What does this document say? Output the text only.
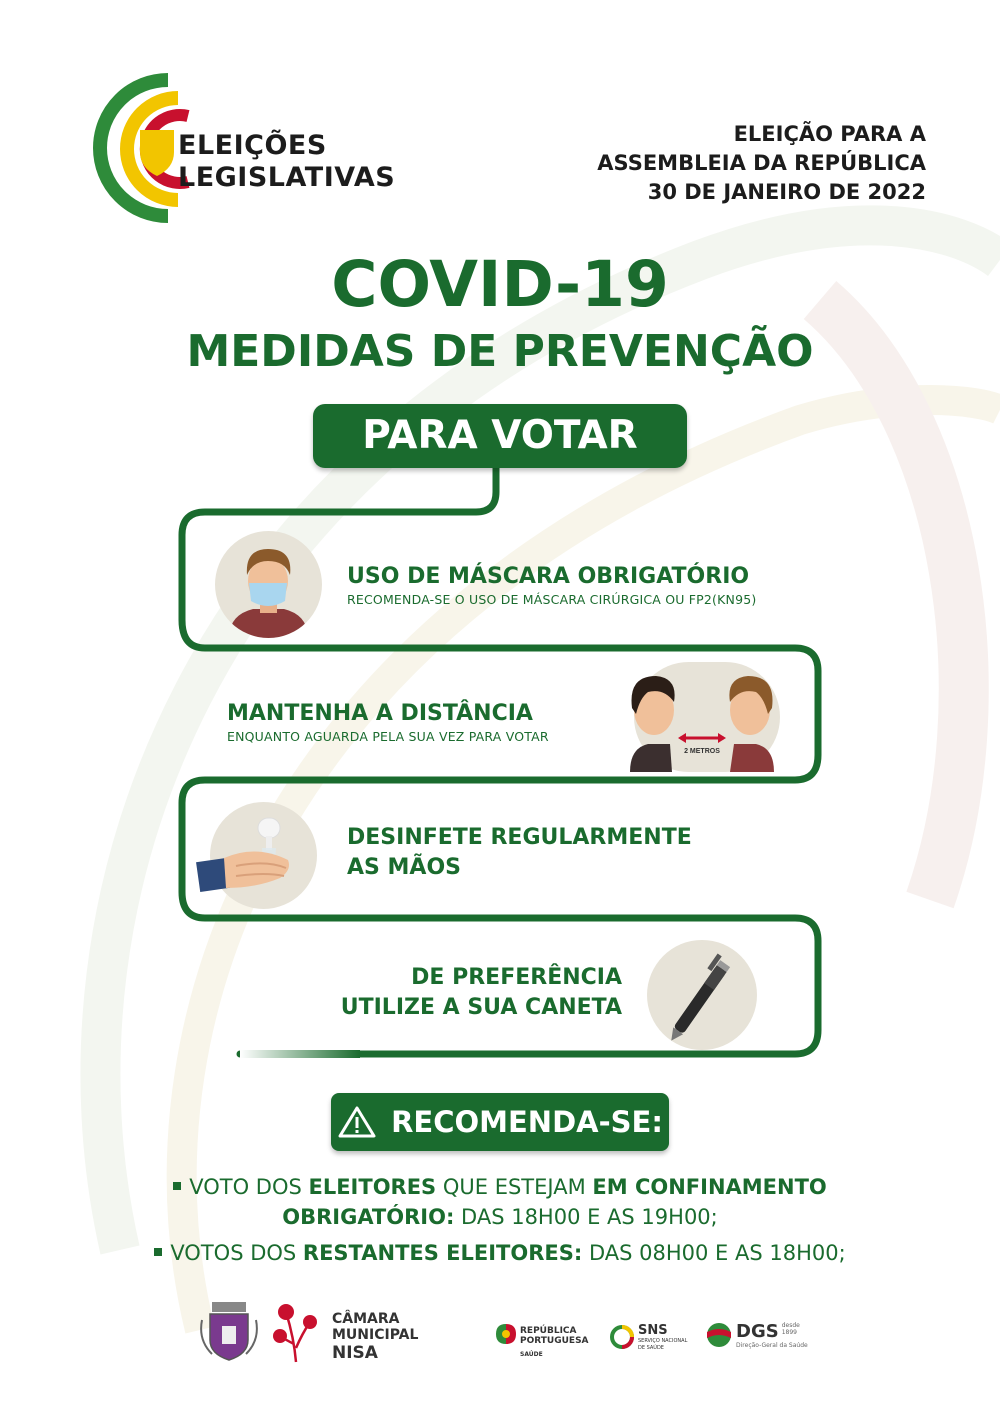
ELEIÇÕES
LEGISLATIVAS
ELEIÇÃO PARA A
ASSEMBLEIA DA REPÚBLICA
30 DE JANEIRO DE 2022
COVID-19
MEDIDAS DE PREVENÇÃO
PARA VOTAR
USO DE MÁSCARA OBRIGATÓRIO
RECOMENDA-SE O USO DE MÁSCARA CIRÚRGICA OU FP2(KN95)
MANTENHA A DISTÂNCIA
ENQUANTO AGUARDA PELA SUA VEZ PARA VOTAR
2 METROS
DESINFETE REGULARMENTE
AS MÃOS
DE PREFERÊNCIA
UTILIZE A SUA CANETA
RECOMENDA-SE:
VOTO DOS ELEITORES QUE ESTEJAM EM CONFINAMENTO
OBRIGATÓRIO: DAS 18H00 E AS 19H00;
VOTOS DOS RESTANTES ELEITORES: DAS 08H00 E AS 18H00;
CÂMARA
MUNICIPAL
NISA
REPÚBLICA
PORTUGUESA
SAÚDE
SNS
SERVIÇO NACIONAL
DE SAÚDE
DGS desde
1899
Direção-Geral da Saúde
